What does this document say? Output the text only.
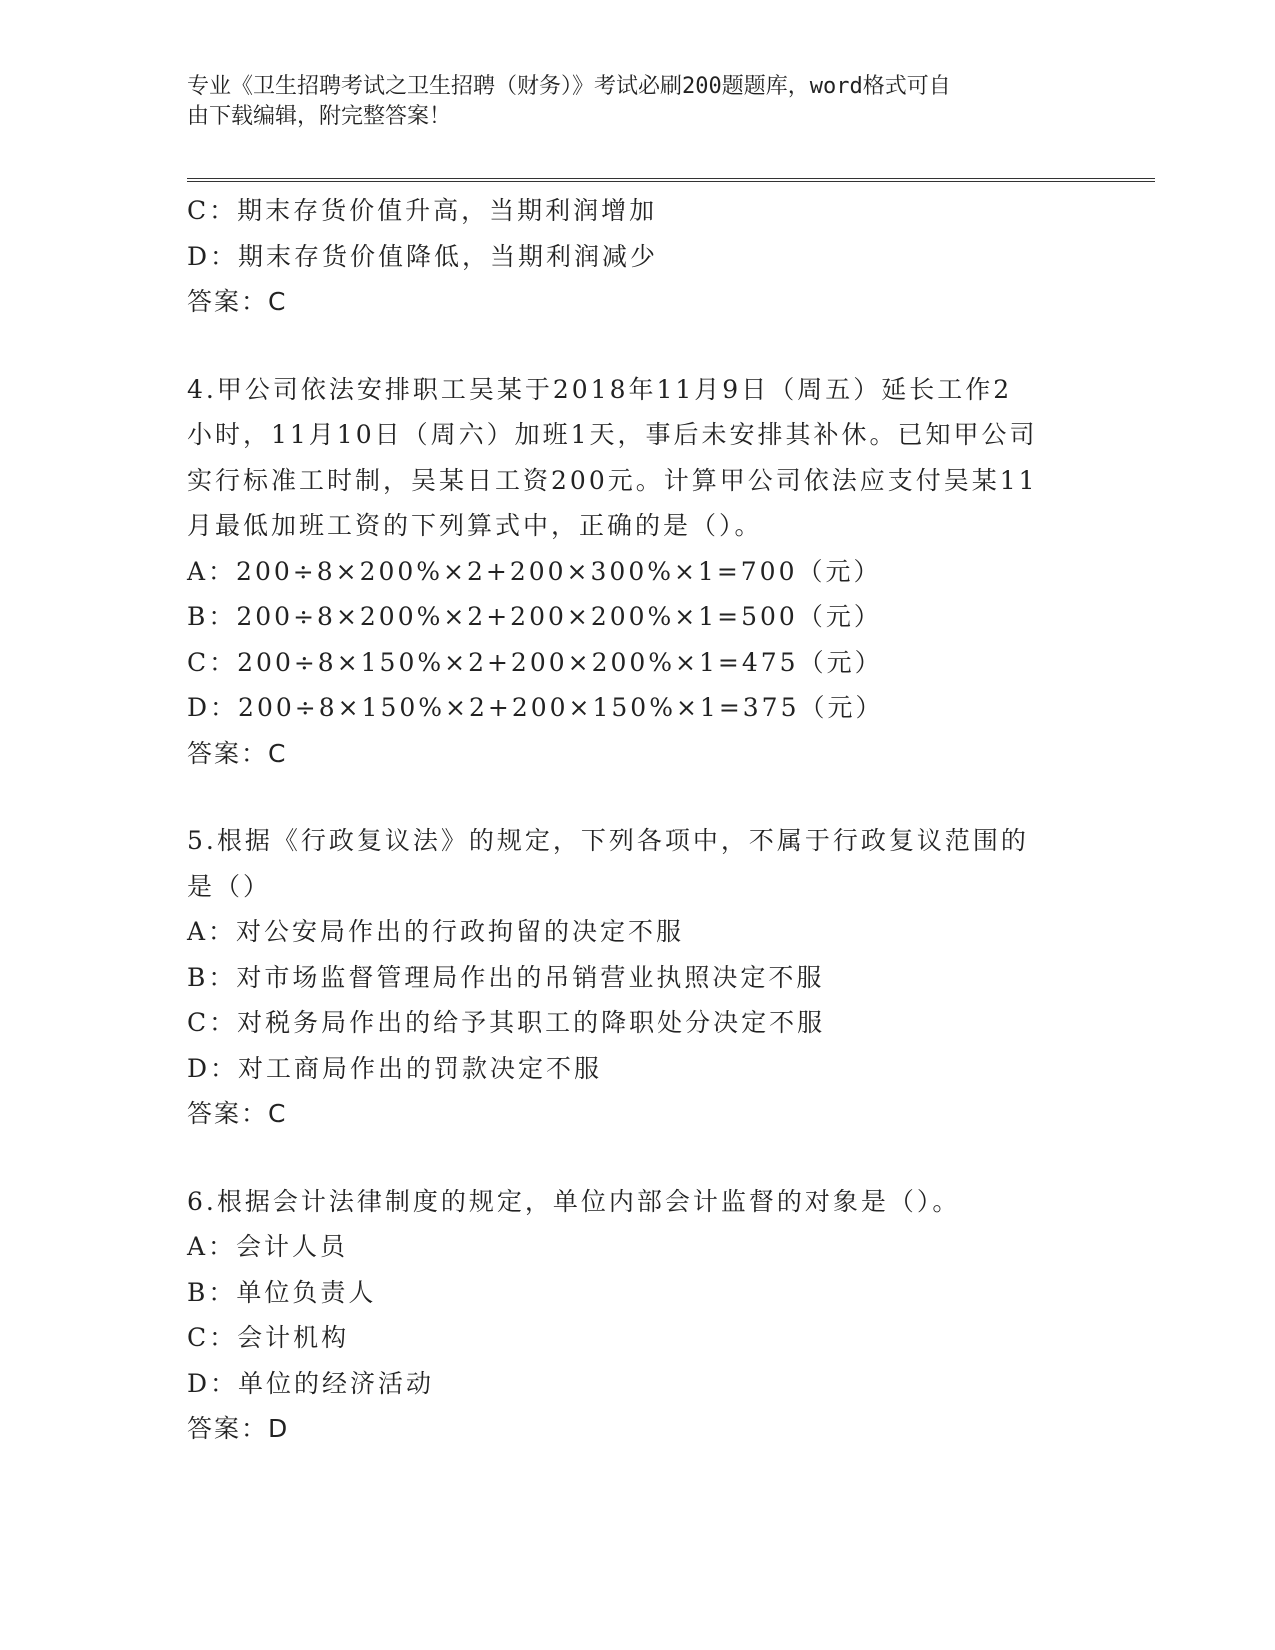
专业《卫生招聘考试之卫生招聘（财务）》考试必刷200题题库，word格式可自
由下载编辑，附完整答案！
C：期末存货价值升高，当期利润增加
D：期末存货价值降低，当期利润减少
答案：C
4.甲公司依法安排职工吴某于2018年11月9日（周五）延长工作2
小时，11月10日（周六）加班1天，事后未安排其补休。已知甲公司
实行标准工时制，吴某日工资200元。计算甲公司依法应支付吴某11
月最低加班工资的下列算式中，正确的是（）。
A：200÷8×200%×2+200×300%×1=700（元）
B：200÷8×200%×2+200×200%×1=500（元）
C：200÷8×150%×2+200×200%×1=475（元）
D：200÷8×150%×2+200×150%×1=375（元）
答案：C
5.根据《行政复议法》的规定，下列各项中，不属于行政复议范围的
是（）
A：对公安局作出的行政拘留的决定不服
B：对市场监督管理局作出的吊销营业执照决定不服
C：对税务局作出的给予其职工的降职处分决定不服
D：对工商局作出的罚款决定不服
答案：C
6.根据会计法律制度的规定，单位内部会计监督的对象是（）。
A：会计人员
B：单位负责人
C：会计机构
D：单位的经济活动
答案：D
